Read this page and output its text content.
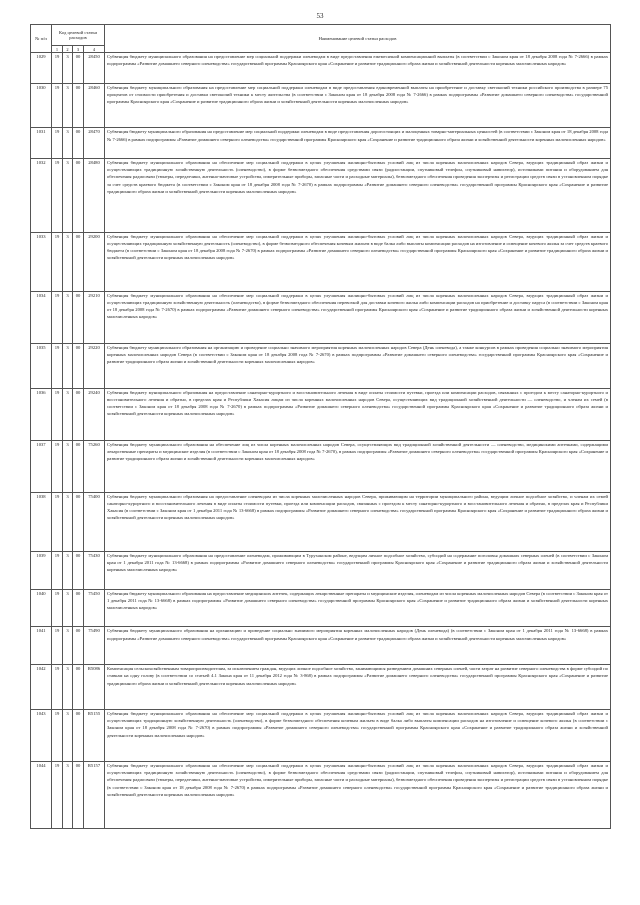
53
№ п/п	Код целевой статьи расходов				Наименование целевой статьи расходов
	1	2	3	4	
1029	19	3	00	28450	Субвенция бюджету муниципального образования на предоставление мер социальной поддержки оленеводам в виде предоставления ежемесячной компенсационной выплаты (в соответствии с Законом края от 18 декабря 2008 года № 7-2666) в рамках подпрограммы «Развитие домашнего северного оленеводства» государственной программы Красноярского края «Сохранение и развитие традиционного образа жизни и хозяйственной деятельности коренных малочисленных народов»
1030	19	3	00	28460	Субвенция бюджету муниципального образования на предоставление мер социальной поддержки оленеводам в виде предоставления единовременной выплаты на приобретение и доставку светокопий техники российского производства в размере 75 процентов от стоимости приобретения и доставки светокопий техники к месту жительства (в соответствии с Законом края от 18 декабря 2008 года № 7-2666) в рамках подпрограммы «Развитие домашнего северного оленеводства» государственной программы Красноярского края «Сохранение и развитие традиционного образа жизни и хозяйственной деятельности коренных малочисленных народов»
1031	19	3	00	28470	Субвенция бюджету муниципального образования на предоставление мер социальной поддержки оленеводам в виде предоставления дорогостоящих и малоценных товарно-материальных ценностей (в соответствии с Законом края от 18 декабря 2008 года № 7-2666) в рамках подпрограммы «Развитие домашнего северного оленеводства» государственной программы Красноярского края «Сохранение и развитие традиционного образа жизни и хозяйственной деятельности коренных малочисленных народов»
1032	19	3	00	28480	Субвенция бюджету муниципального образования на обеспечение мер социальной поддержки в целях улучшения жилищно-бытовых условий лиц из числа коренных малочисленных народов Севера, ведущих традиционный образ жизни и осуществляющих традиционную хозяйственную деятельность (оленеводство), в форме безвозмездного обеспечения средствами связи (радиостанции, спутниковый телефон, спутниковый навигатор), источниками питания и оборудованием для обеспечения радиосвязи (тюнеры, передатчики, антенно-мачтовые устройства, измерительные приборы, запасные части и расходные материалы), безвозмездного обеспечения проведения экспертизы и регистрации средств связи в установленном порядке за счет средств краевого бюджета (в соответствии с Законом края от 18 декабря 2008 года № 7-2670) в рамках подпрограммы «Развитие домашнего северного оленеводства» государственной программы Красноярского края «Сохранение и развитие традиционного образа жизни и хозяйственной деятельности коренных малочисленных народов»
1033	19	3	00	29200	Субвенция бюджету муниципального образования на обеспечение мер социальной поддержки в целях улучшения жилищно-бытовых условий лиц из числа коренных малочисленных народов Севера, ведущих традиционный образ жизни и осуществляющих традиционную хозяйственную деятельность (оленеводство), в форме безвозмездного обеспечения кочевым жильем в виде балка либо выплаты компенсации расходов на изготовление и освещение кочевого жилья за счет средств краевого бюджета (в соответствии с Законом края от 18 декабря 2008 года № 7-2670) в рамках подпрограммы «Развитие домашнего северного оленеводства» государственной программы Красноярского края «Сохранение и развитие традиционного образа жизни и хозяйственной деятельности коренных малочисленных народов»
1034	19	3	00	29210	Субвенция бюджету муниципального образования на обеспечение мер социальной поддержки в целях улучшения жилищно-бытовых условий лиц из числа коренных малочисленных народов Севера, ведущих традиционный образ жизни и осуществляющих традиционную хозяйственную деятельность (оленеводство), в форме безвозмездного обеспечения перевозкой для доставки кочевого жилья либо компенсации расходов на приобретение и доставку паруса (в соответствии с Законом края от 18 декабря 2008 года № 7-2670) в рамках подпрограммы «Развитие домашнего северного оленеводства» государственной программы Красноярского края «Сохранение и развитие традиционного образа жизни и хозяйственной деятельности коренных малочисленных народов»
1035	19	3	00	29220	Субвенция бюджету муниципального образования на организацию и проведение социально значимого мероприятия коренных малочисленных народов Севера (День оленевода), а также конкурсов в рамках проведения социально значимого мероприятия коренных малочисленных народов Севера (в соответствии с Законом края от 18 декабря 2008 года № 7-2670) в рамках подпрограммы «Развитие домашнего северного оленеводства» государственной программы Красноярского края «Сохранение и развитие традиционного образа жизни и хозяйственной деятельности коренных малочисленных народов»
1036	19	3	00	29240	Субвенция бюджету муниципального образования на предоставление санаторно-курортного и восстановительного лечения в виде оплаты стоимости путевки, проезда или компенсации расходов, связанных с проездом к месту санаторно-курортного и восстановительного лечения и обратно, в пределах края и Республики Хакасия лицам из числа коренных малочисленных народов Севера, осуществляющих вид традиционной хозяйственной деятельности — оленеводство, и членам их семей (в соответствии с Законом края от 18 декабря 2008 года № 7-2670) в рамках подпрограммы «Развитие домашнего северного оленеводства» государственной программы Красноярского края «Сохранение и развитие традиционного образа жизни и хозяйственной деятельности коренных малочисленных народов»
1037	19	3	00	75260	Субвенция бюджету муниципального образования на обеспечение лиц из числа коренных малочисленных народов Севера, осуществляющих вид традиционной хозяйственной деятельности — оленеводство, медицинскими аптечками, содержащими лекарственные препараты и медицинские изделия (в соответствии с Законом края от 18 декабря 2008 года № 7-2670), в рамках подпрограммы «Развитие домашнего северного оленеводства» государственной программы Красноярского края «Сохранение и развитие традиционного образа жизни и хозяйственной деятельности коренных малочисленных народов»
1038	19	3	00	75400	Субвенция бюджету муниципального образования на предоставление оленеводам из числа коренных малочисленных народов Севера, проживающим на территории муниципального района, ведущим личное подсобное хозяйство, и членам их семей санаторно-курортного и восстановительного лечения в виде оплаты стоимости путевки, проезда или компенсации расходов, связанных с проездом к месту санаторно-курортного и восстановительного лечения и обратно, в пределах края и Республики Хакасия (в соответствии с Законом края от 1 декабря 2011 года № 13-6668) в рамках подпрограммы «Развитие домашнего северного оленеводства» государственной программы Красноярского края «Сохранение и развитие традиционного образа жизни и хозяйственной деятельности коренных малочисленных народов»
1039	19	3	00	75430	Субвенция бюджету муниципального образования на предоставление оленеводам, проживающим в Туруханском районе, ведущим личное подсобное хозяйство, субсидий на содержание поголовья домашних северных оленей (в соответствии с Законом края от 1 декабря 2011 года № 13-6668) в рамках подпрограммы «Развитие домашнего северного оленеводства» государственной программы Красноярского края «Сохранение и развитие традиционного образа жизни и хозяйственной деятельности коренных малочисленных народов»
1040	19	3	00	75450	Субвенция бюджету муниципального образования на предоставление медицинских аптечек, содержащих лекарственные препараты и медицинские изделия, оленеводам из числа коренных малочисленных народов Севера (в соответствии с Законом края от 1 декабря 2011 года № 13-6668) в рамках подпрограммы «Развитие домашнего северного оленеводства» государственной программы Красноярского края «Сохранение и развитие традиционного образа жизни и хозяйственной деятельности коренных малочисленных народов»
1041	19	3	00	75490	Субвенция бюджету муниципального образования на организацию и проведение социально значимого мероприятия коренных малочисленных народов (День оленевода) (в соответствии с Законом края от 1 декабря 2011 года № 13-6668) в рамках подпрограммы «Развитие домашнего северного оленеводства» государственной программы Красноярского края «Сохранение и развитие традиционного образа жизни и хозяйственной деятельности коренных малочисленных народов»
1042	19	3	00	R5086	Компенсация сельскохозяйственным товаропроизводителям, за исключением граждан, ведущих личное подсобное хозяйство, занимающимся разведением домашних северных оленей, части затрат на развитие северного оленеводства в форме субсидий по ставкам на одну голову (в соответствии со статьей 4.1 Закона края от 11 декабря 2012 года № 3-868) в рамках подпрограммы «Развитие домашнего северного оленеводства» государственной программы Красноярского края «Сохранение и развитие традиционного образа жизни и хозяйственной деятельности коренных малочисленных народов»
1043	19	3	00	R5155	Субвенция бюджету муниципального образования на обеспечение мер социальной поддержки в целях улучшения жилищно-бытовых условий лиц из числа коренных малочисленных народов Севера, ведущих традиционный образ жизни и осуществляющих традиционную хозяйственную деятельность (оленеводство), в форме безвозмездного обеспечения кочевым жильем в виде балка либо выплаты компенсации расходов на изготовление и освещение кочевого жилья (в соответствии с Законом края от 18 декабря 2008 года № 7-2670) в рамках подпрограммы «Развитие домашнего северного оленеводства» государственной программы Красноярского края «Сохранение и развитие традиционного образа жизни и хозяйственной деятельности коренных малочисленных народов»
1044	19	3	00	R5157	Субвенция бюджету муниципального образования на обеспечение мер социальной поддержки в целях улучшения жилищно-бытовых условий лиц из числа коренных малочисленных народов Севера, ведущих традиционный образ жизни и осуществляющих традиционную хозяйственную деятельность (оленеводство), в форме безвозмездного обеспечения средствами связи (радиостанции, спутниковый телефон, спутниковый навигатор), источниками питания и оборудованием для обеспечения радиосвязи (тюнеры, передатчики, антенно-мачтовые устройства, измерительные приборы, запасные части и расходные материалы), безвозмездного обеспечения проведения экспертизы и регистрации средств связи в установленном порядке (в соответствии с Законом края от 18 декабря 2008 года № 7-2670) в рамках подпрограммы «Развитие домашнего северного оленеводства» государственной программы Красноярского края «Сохранение и развитие традиционного образа жизни и хозяйственной деятельности коренных малочисленных народов»
